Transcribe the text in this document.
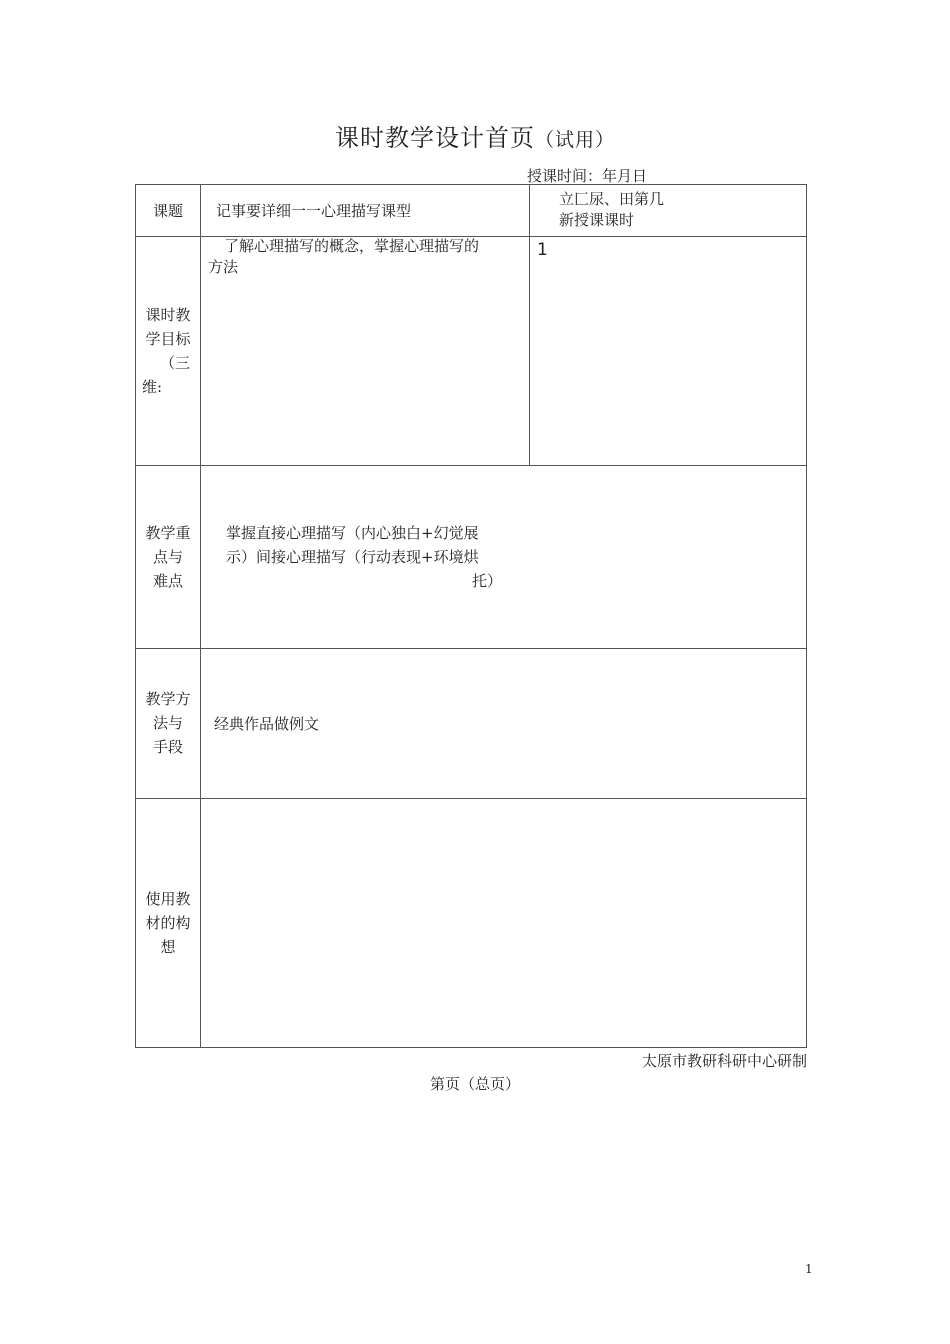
课时教学设计首页（试用）
授课时间：年月日
课题	记事要详细一一心理描写课型
立匚尿、田第几
新授课课时
课时教
学目标
（三
维:
了解心理描写的概念，掌握心理描写的
方法
1
教学重
点与
难点
掌握直接心理描写（内心独白+幻觉展
示）间接心理描写（行动表现+环境烘
托）
教学方
法与
手段
经典作品做例文
使用教
材的构
想
太原市教研科研中心研制
第页（总页）
1
